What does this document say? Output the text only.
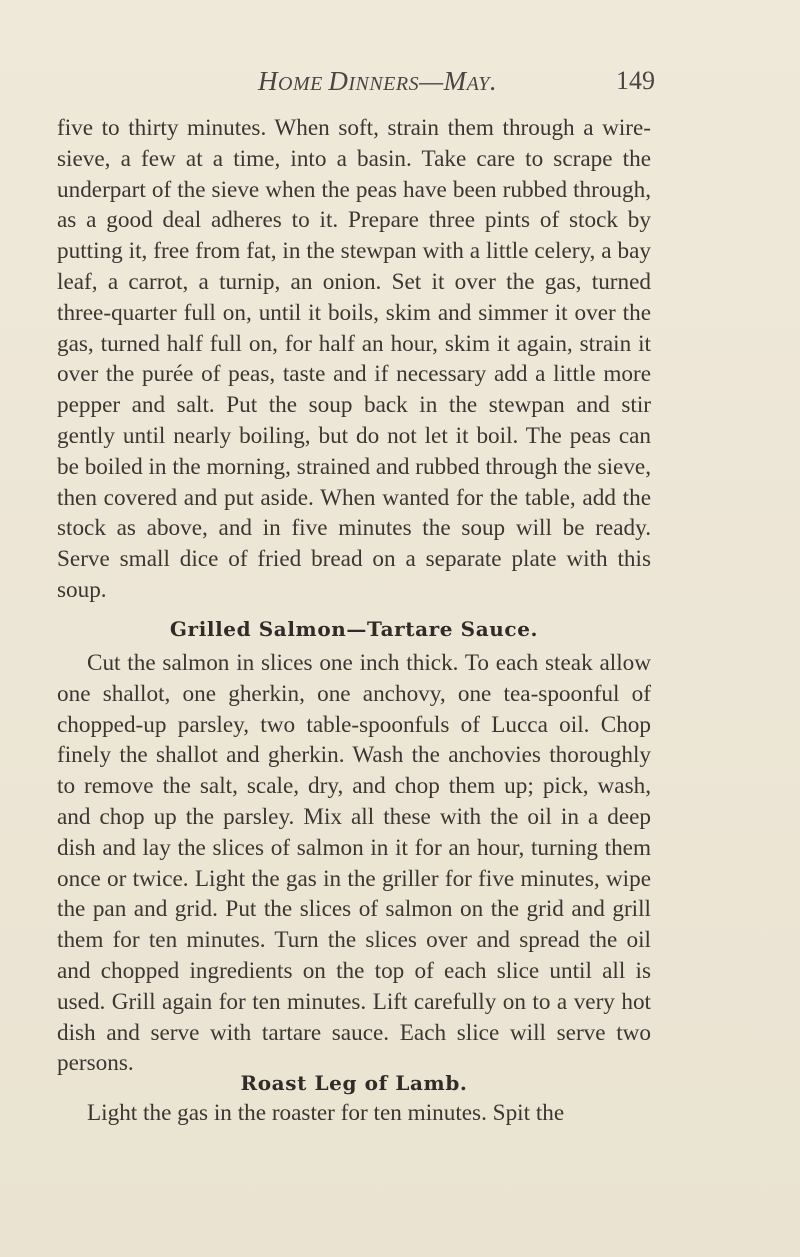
HOME DINNERS—MAY.	149

five to thirty minutes. When soft, strain them through a wire-sieve, a few at a time, into a basin. Take care to scrape the underpart of the sieve when the peas have been rubbed through, as a good deal adheres to it. Prepare three pints of stock by putting it, free from fat, in the stewpan with a little celery, a bay leaf, a carrot, a turnip, an onion. Set it over the gas, turned three-quarter full on, until it boils, skim and simmer it over the gas, turned half full on, for half an hour, skim it again, strain it over the purée of peas, taste and if necessary add a little more pepper and salt. Put the soup back in the stewpan and stir gently until nearly boiling, but do not let it boil. The peas can be boiled in the morning, strained and rubbed through the sieve, then covered and put aside. When wanted for the table, add the stock as above, and in five minutes the soup will be ready. Serve small dice of fried bread on a separate plate with this soup.

Grilled Salmon—Tartare Sauce.

Cut the salmon in slices one inch thick. To each steak allow one shallot, one gherkin, one anchovy, one tea-spoonful of chopped-up parsley, two table-spoonfuls of Lucca oil. Chop finely the shallot and gherkin. Wash the anchovies thoroughly to remove the salt, scale, dry, and chop them up; pick, wash, and chop up the parsley. Mix all these with the oil in a deep dish and lay the slices of salmon in it for an hour, turning them once or twice. Light the gas in the griller for five minutes, wipe the pan and grid. Put the slices of salmon on the grid and grill them for ten minutes. Turn the slices over and spread the oil and chopped ingredients on the top of each slice until all is used. Grill again for ten minutes. Lift carefully on to a very hot dish and serve with tartare sauce. Each slice will serve two persons.

Roast Leg of Lamb.

Light the gas in the roaster for ten minutes. Spit the
